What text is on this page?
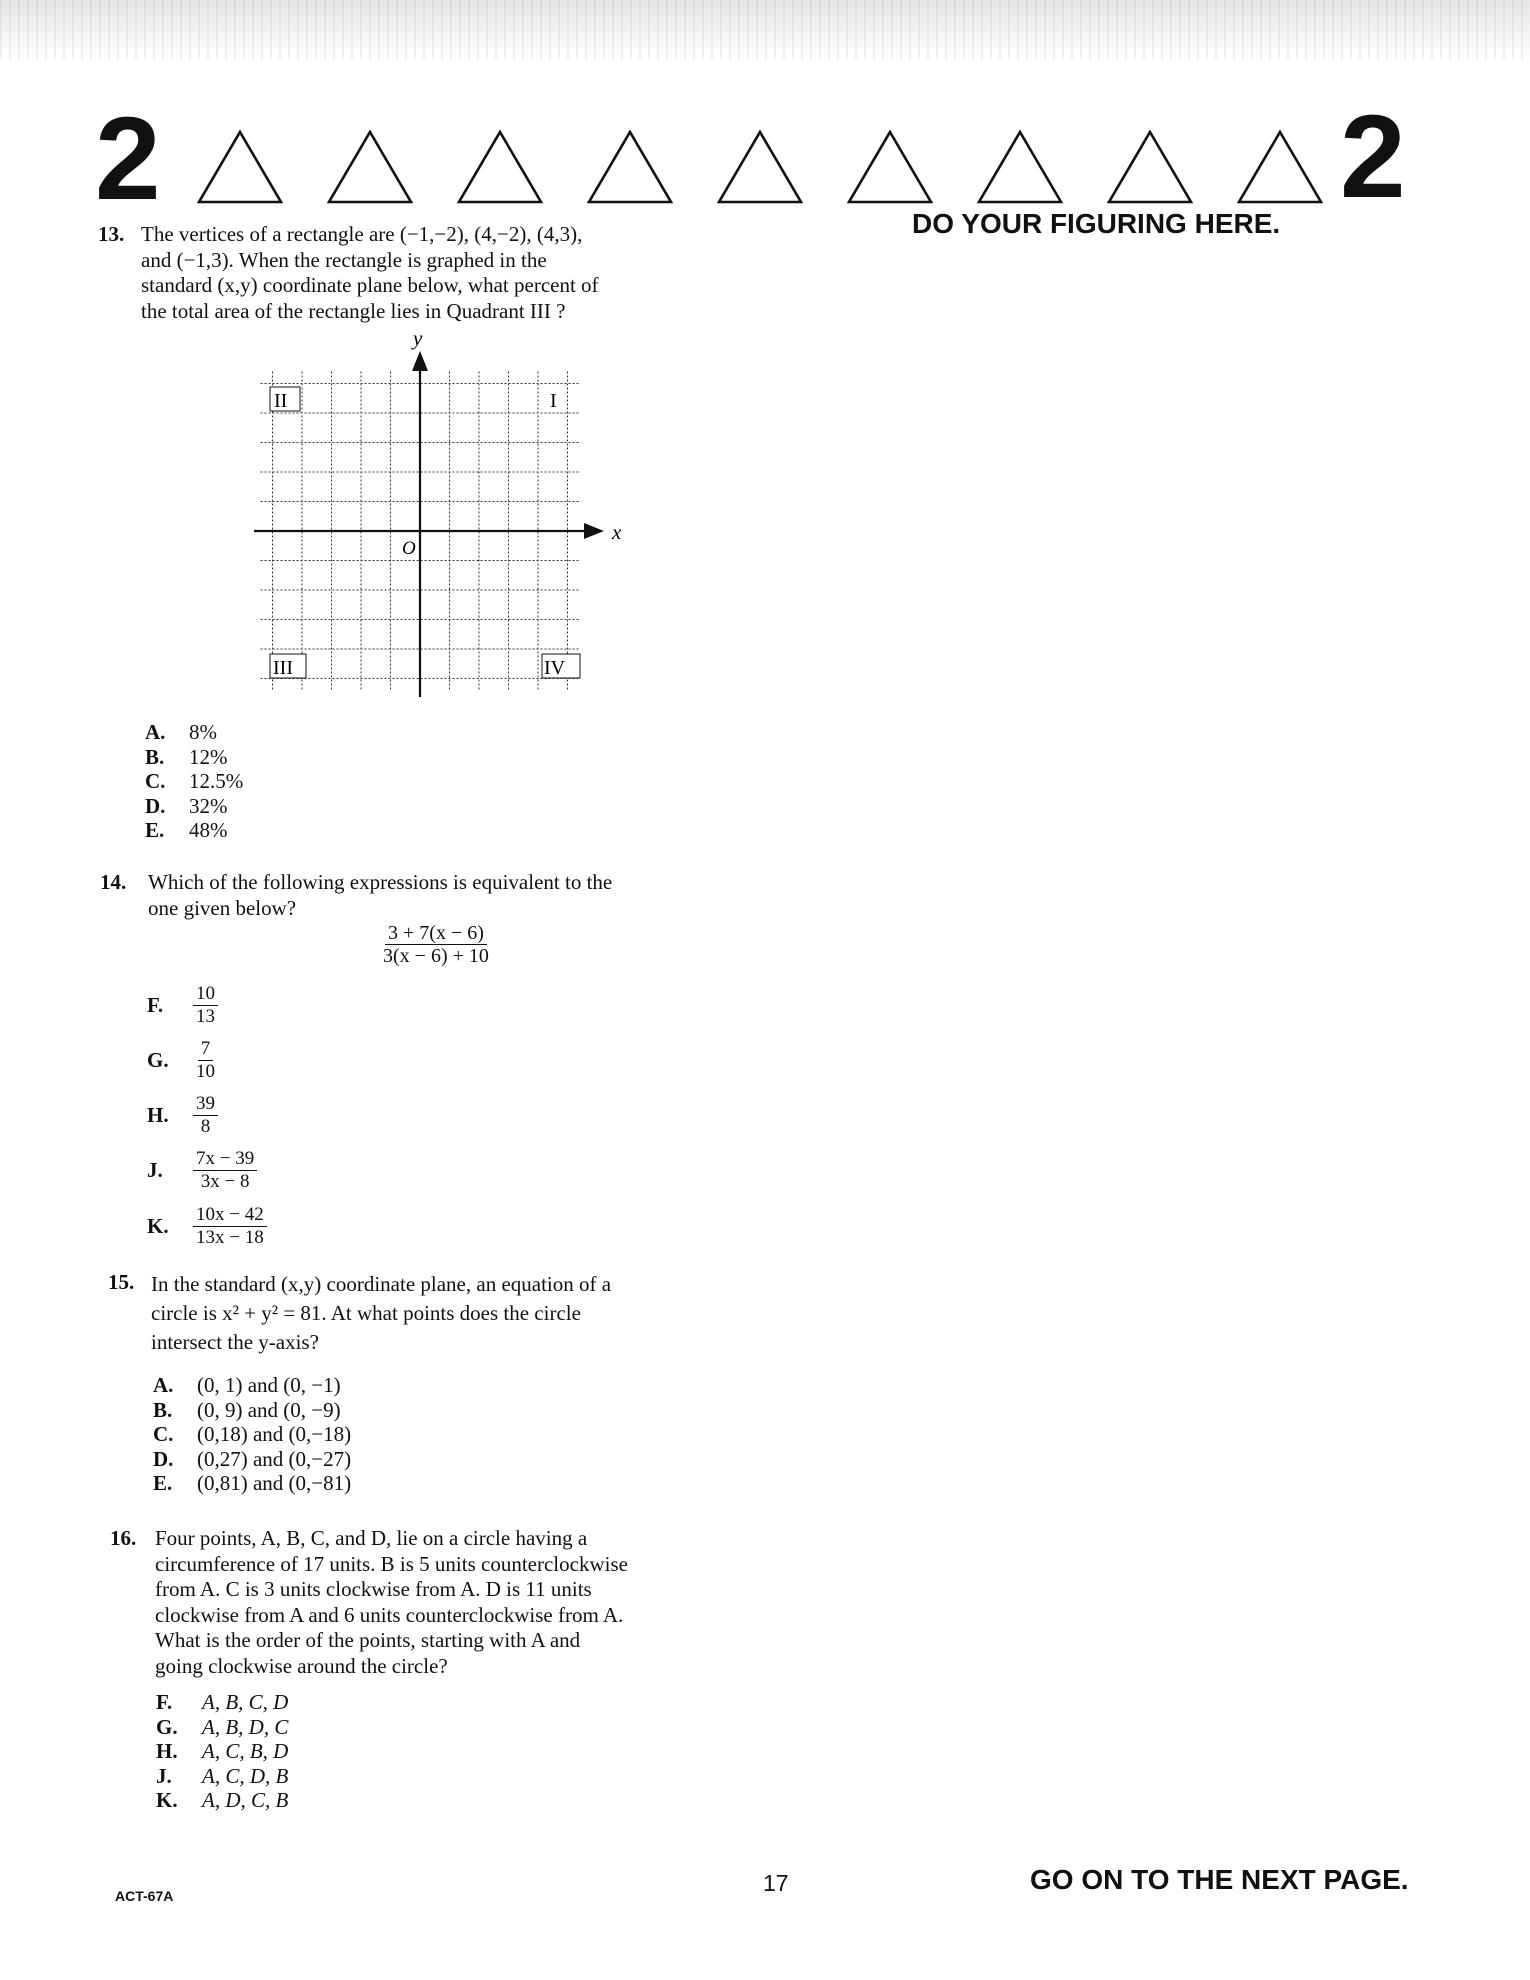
2	2
DO YOUR FIGURING HERE.
13. The vertices of a rectangle are (−1,−2), (4,−2), (4,3),
and (−1,3). When the rectangle is graphed in the
standard (x,y) coordinate plane below, what percent of
the total area of the rectangle lies in Quadrant III ?
x
y
O
II	I
III	IV
A.	8%
B.	12%
C.	12.5%
D.	32%
E.	48%
14. Which of the following expressions is equivalent to the
one given below?
$\frac{3 + 7(x - 6)}{3(x - 6) + 10}$
F.	$\frac{10}{13}$
G.	$\frac{7}{10}$
H.	$\frac{39}{8}$
J.	$\frac{7x - 39}{3x - 8}$
K.	$\frac{10x - 42}{13x - 18}$
15. In the standard (x,y) coordinate plane, an equation of a
circle is x² + y² = 81. At what points does the circle
intersect the y-axis?
A.	(0, 1) and (0, −1)
B.	(0, 9) and (0, −9)
C.	(0,18) and (0,−18)
D.	(0,27) and (0,−27)
E.	(0,81) and (0,−81)
16. Four points, A, B, C, and D, lie on a circle having a
circumference of 17 units. B is 5 units counterclockwise
from A. C is 3 units clockwise from A. D is 11 units
clockwise from A and 6 units counterclockwise from A.
What is the order of the points, starting with A and
going clockwise around the circle?
F.	A, B, C, D
G.	A, B, D, C
H.	A, C, B, D
J.	A, C, D, B
K.	A, D, C, B
ACT-67A	17	GO ON TO THE NEXT PAGE.
